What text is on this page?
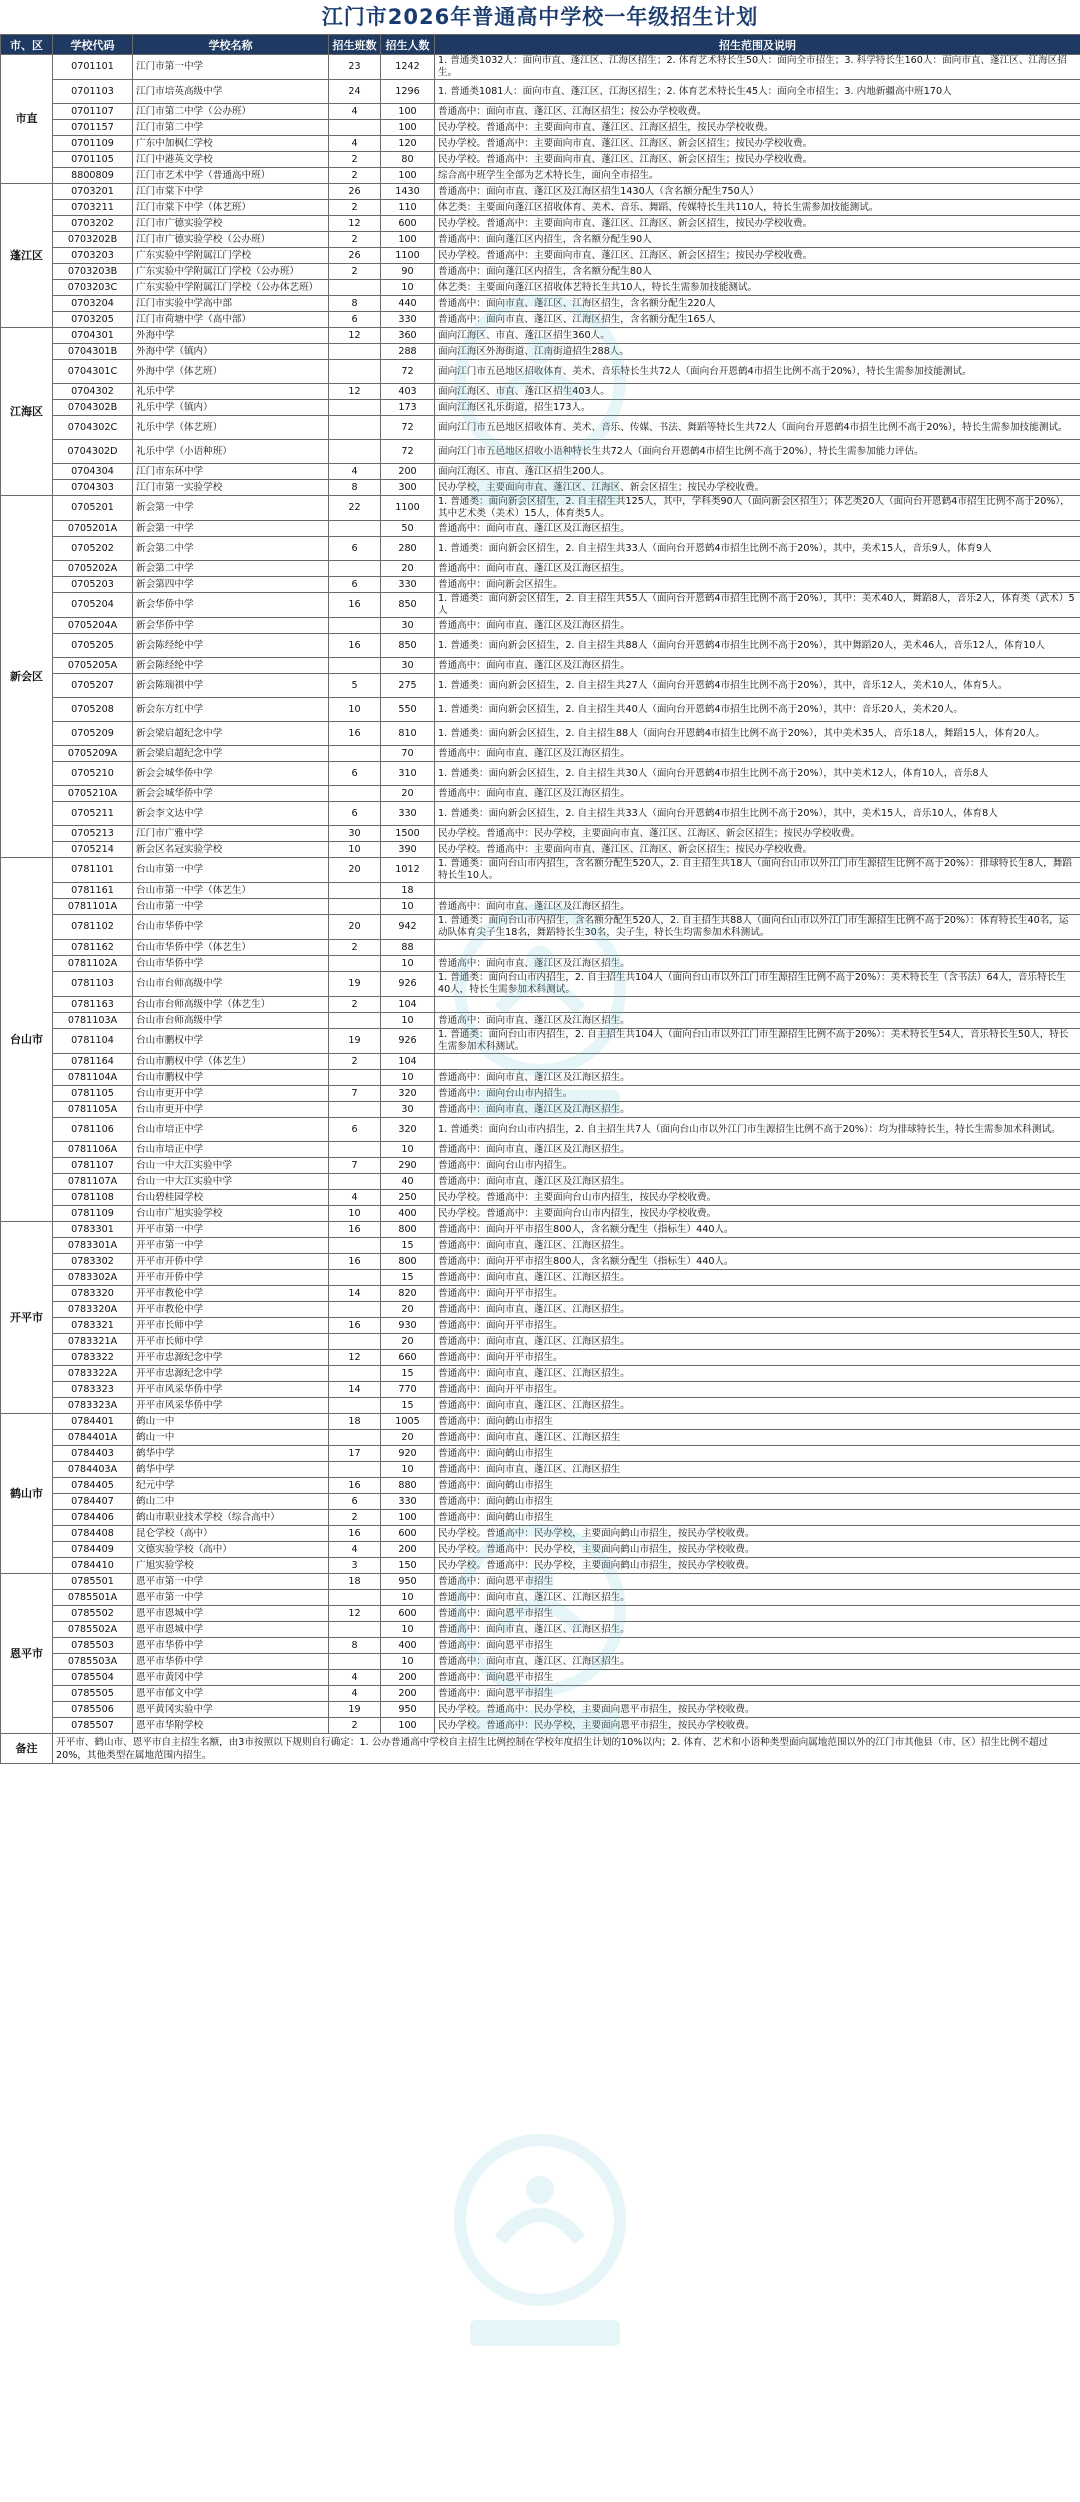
江门市2026年普通高中学校一年级招生计划
市、区	学校代码	学校名称	招生班数	招生人数	招生范围及说明
市直	0701101	江门市第一中学	23	1242	1. 普通类1032人：面向市直、蓬江区、江海区招生；2. 体育艺术特长生50人：面向全市招生；3. 科学特长生160人：面向市直、蓬江区、江海区招生。
	0701103	江门市培英高级中学	24	1296	1. 普通类1081人：面向市直、蓬江区、江海区招生；2. 体育艺术特长生45人：面向全市招生；3. 内地新疆高中班170人
	0701107	江门市第二中学（公办班）	4	100	普通高中：面向市直、蓬江区、江海区招生；按公办学校收费。
	0701157	江门市第二中学		100	民办学校。普通高中：主要面向市直、蓬江区、江海区招生，按民办学校收费。
	0701109	广东中加枫仁学校	4	120	民办学校。普通高中：主要面向市直、蓬江区、江海区、新会区招生；按民办学校收费。
	0701105	江门中港英文学校	2	80	民办学校。普通高中：主要面向市直、蓬江区、江海区、新会区招生；按民办学校收费。
	8800809	江门市艺术中学（普通高中班）	2	100	综合高中班学生全部为艺术特长生，面向全市招生。
蓬江区	0703201	江门市棠下中学	26	1430	普通高中：面向市直、蓬江区及江海区招生1430人（含名额分配生750人）
	0703211	江门市棠下中学（体艺班）	2	110	体艺类：主要面向蓬江区招收体育、美术、音乐、舞蹈、传媒特长生共110人，特长生需参加技能测试。
	0703202	江门市广德实验学校	12	600	民办学校。普通高中：主要面向市直、蓬江区、江海区、新会区招生，按民办学校收费。
	0703202B	江门市广德实验学校（公办班）	2	100	普通高中：面向蓬江区内招生，含名额分配生90人
	0703203	广东实验中学附属江门学校	26	1100	民办学校。普通高中：主要面向市直、蓬江区、江海区、新会区招生；按民办学校收费。
	0703203B	广东实验中学附属江门学校（公办班）	2	90	普通高中：面向蓬江区内招生，含名额分配生80人
	0703203C	广东实验中学附属江门学校（公办体艺班）		10	体艺类：主要面向蓬江区招收体艺特长生共10人，特长生需参加技能测试。
	0703204	江门市实验中学高中部	8	440	普通高中：面向市直、蓬江区、江海区招生，含名额分配生220人
	0703205	江门市荷塘中学（高中部）	6	330	普通高中：面向市直、蓬江区、江海区招生，含名额分配生165人
江海区	0704301	外海中学	12	360	面向江海区、市直、蓬江区招生360人。
	0704301B	外海中学（镇内）		288	面向江海区外海街道、江南街道招生288人。
	0704301C	外海中学（体艺班）		72	面向江门市五邑地区招收体育、美术、音乐特长生共72人（面向台开恩鹤4市招生比例不高于20%），特长生需参加技能测试。
	0704302	礼乐中学	12	403	面向江海区、市直、蓬江区招生403人。
	0704302B	礼乐中学（镇内）		173	面向江海区礼乐街道，招生173人。
	0704302C	礼乐中学（体艺班）		72	面向江门市五邑地区招收体育、美术、音乐、传媒、书法、舞蹈等特长生共72人（面向台开恩鹤4市招生比例不高于20%），特长生需参加技能测试。
	0704302D	礼乐中学（小语种班）		72	面向江门市五邑地区招收小语种特长生共72人（面向台开恩鹤4市招生比例不高于20%），特长生需参加能力评估。
	0704304	江门市东环中学	4	200	面向江海区、市直、蓬江区招生200人。
	0704303	江门市第一实验学校	8	300	民办学校，主要面向市直、蓬江区、江海区、新会区招生；按民办学校收费。
新会区	0705201	新会第一中学	22	1100	1. 普通类：面向新会区招生，2. 自主招生共125人，其中，学科类90人（面向新会区招生）；体艺类20人（面向台开恩鹤4市招生比例不高于20%），其中艺术类（美术）15人，体育类5人。
	0705201A	新会第一中学		50	普通高中：面向市直、蓬江区及江海区招生。
	0705202	新会第二中学	6	280	1. 普通类：面向新会区招生，2. 自主招生共33人（面向台开恩鹤4市招生比例不高于20%），其中，美术15人，音乐9人，体育9人
	0705202A	新会第二中学		20	普通高中：面向市直、蓬江区及江海区招生。
	0705203	新会第四中学	6	330	普通高中：面向新会区招生。
	0705204	新会华侨中学	16	850	1. 普通类：面向新会区招生，2. 自主招生共55人（面向台开恩鹤4市招生比例不高于20%），其中：美术40人，舞蹈8人，音乐2人，体育类（武术）5人
	0705204A	新会华侨中学		30	普通高中：面向市直、蓬江区及江海区招生。
	0705205	新会陈经纶中学	16	850	1. 普通类：面向新会区招生，2. 自主招生共88人（面向台开恩鹤4市招生比例不高于20%），其中舞蹈20人，美术46人，音乐12人，体育10人
	0705205A	新会陈经纶中学		30	普通高中：面向市直、蓬江区及江海区招生。
	0705207	新会陈瑞祺中学	5	275	1. 普通类：面向新会区招生，2. 自主招生共27人（面向台开恩鹤4市招生比例不高于20%），其中，音乐12人，美术10人，体育5人。
	0705208	新会东方红中学	10	550	1. 普通类：面向新会区招生，2. 自主招生共40人（面向台开恩鹤4市招生比例不高于20%），其中：音乐20人，美术20人。
	0705209	新会梁启超纪念中学	16	810	1. 普通类：面向新会区招生，2. 自主招生88人（面向台开恩鹤4市招生比例不高于20%），其中美术35人，音乐18人，舞蹈15人，体育20人。
	0705209A	新会梁启超纪念中学		70	普通高中：面向市直、蓬江区及江海区招生。
	0705210	新会会城华侨中学	6	310	1. 普通类：面向新会区招生，2. 自主招生共30人（面向台开恩鹤4市招生比例不高于20%），其中美术12人，体育10人，音乐8人
	0705210A	新会会城华侨中学		20	普通高中：面向市直、蓬江区及江海区招生。
	0705211	新会李文达中学	6	330	1. 普通类：面向新会区招生，2. 自主招生共33人（面向台开恩鹤4市招生比例不高于20%），其中，美术15人，音乐10人，体育8人
	0705213	江门市广雅中学	30	1500	民办学校。普通高中：民办学校，主要面向市直、蓬江区、江海区、新会区招生；按民办学校收费。
	0705214	新会区名冠实验学校	10	390	民办学校。普通高中：主要面向市直、蓬江区、江海区、新会区招生；按民办学校收费。
台山市	0781101	台山市第一中学	20	1012	1. 普通类：面向台山市内招生，含名额分配生520人，2. 自主招生共18人（面向台山市以外江门市生源招生比例不高于20%）：排球特长生8人，舞蹈特长生10人。
	0781161	台山市第一中学（体艺生）		18	
	0781101A	台山市第一中学		10	普通高中：面向市直、蓬江区及江海区招生。
	0781102	台山市华侨中学	20	942	1. 普通类：面向台山市内招生，含名额分配生520人，2. 自主招生共88人（面向台山市以外江门市生源招生比例不高于20%）：体育特长生40名，运动队体育尖子生18名，舞蹈特长生30名，尖子生，特长生均需参加术科测试。
	0781162	台山市华侨中学（体艺生）	2	88	
	0781102A	台山市华侨中学		10	普通高中：面向市直、蓬江区及江海区招生。
	0781103	台山市台师高级中学	19	926	1. 普通类：面向台山市内招生，2. 自主招生共104人（面向台山市以外江门市生源招生比例不高于20%）：美术特长生（含书法）64人，音乐特长生40人，特长生需参加术科测试。
	0781163	台山市台师高级中学（体艺生）	2	104	
	0781103A	台山市台师高级中学		10	普通高中：面向市直、蓬江区及江海区招生。
	0781104	台山市鹏权中学	19	926	1. 普通类：面向台山市内招生，2. 自主招生共104人（面向台山市以外江门市生源招生比例不高于20%）：美术特长生54人，音乐特长生50人，特长生需参加术科测试。
	0781164	台山市鹏权中学（体艺生）	2	104	
	0781104A	台山市鹏权中学		10	普通高中：面向市直、蓬江区及江海区招生。
	0781105	台山市更开中学	7	320	普通高中：面向台山市内招生。
	0781105A	台山市更开中学		30	普通高中：面向市直、蓬江区及江海区招生。
	0781106	台山市培正中学	6	320	1. 普通类：面向台山市内招生，2. 自主招生共7人（面向台山市以外江门市生源招生比例不高于20%）：均为排球特长生，特长生需参加术科测试。
	0781106A	台山市培正中学		10	普通高中：面向市直、蓬江区及江海区招生。
	0781107	台山一中大江实验中学	7	290	普通高中：面向台山市内招生。
	0781107A	台山一中大江实验中学		40	普通高中：面向市直、蓬江区及江海区招生。
	0781108	台山碧桂园学校	4	250	民办学校。普通高中：主要面向台山市内招生，按民办学校收费。
	0781109	台山市广旭实验学校	10	400	民办学校。普通高中：主要面向台山市内招生，按民办学校收费。
开平市	0783301	开平市第一中学	16	800	普通高中：面向开平市招生800人，含名额分配生（指标生）440人。
	0783301A	开平市第一中学		15	普通高中：面向市直、蓬江区、江海区招生。
	0783302	开平市开侨中学	16	800	普通高中：面向开平市招生800人，含名额分配生（指标生）440人。
	0783302A	开平市开侨中学		15	普通高中：面向市直、蓬江区、江海区招生。
	0783320	开平市教伦中学	14	820	普通高中：面向开平市招生。
	0783320A	开平市教伦中学		20	普通高中：面向市直、蓬江区、江海区招生。
	0783321	开平市长师中学	16	930	普通高中：面向开平市招生。
	0783321A	开平市长师中学		20	普通高中：面向市直、蓬江区、江海区招生。
	0783322	开平市忠源纪念中学	12	660	普通高中：面向开平市招生。
	0783322A	开平市忠源纪念中学		15	普通高中：面向市直、蓬江区、江海区招生。
	0783323	开平市风采华侨中学	14	770	普通高中：面向开平市招生。
	0783323A	开平市风采华侨中学		15	普通高中：面向市直、蓬江区、江海区招生。
鹤山市	0784401	鹤山一中	18	1005	普通高中：面向鹤山市招生
	0784401A	鹤山一中		20	普通高中：面向市直、蓬江区、江海区招生
	0784403	鹤华中学	17	920	普通高中：面向鹤山市招生
	0784403A	鹤华中学		10	普通高中：面向市直、蓬江区、江海区招生
	0784405	纪元中学	16	880	普通高中：面向鹤山市招生
	0784407	鹤山二中	6	330	普通高中：面向鹤山市招生
	0784406	鹤山市职业技术学校（综合高中）	2	100	普通高中：面向鹤山市招生
	0784408	昆仑学校（高中）	16	600	民办学校。普通高中：民办学校，主要面向鹤山市招生，按民办学校收费。
	0784409	文德实验学校（高中）	4	200	民办学校。普通高中：民办学校，主要面向鹤山市招生，按民办学校收费。
	0784410	广旭实验学校	3	150	民办学校。普通高中：民办学校，主要面向鹤山市招生，按民办学校收费。
恩平市	0785501	恩平市第一中学	18	950	普通高中：面向恩平市招生
	0785501A	恩平市第一中学		10	普通高中：面向市直、蓬江区、江海区招生。
	0785502	恩平市恩城中学	12	600	普通高中：面向恩平市招生
	0785502A	恩平市恩城中学		10	普通高中：面向市直、蓬江区、江海区招生。
	0785503	恩平市华侨中学	8	400	普通高中：面向恩平市招生
	0785503A	恩平市华侨中学		10	普通高中：面向市直、蓬江区、江海区招生。
	0785504	恩平市黄冈中学	4	200	普通高中：面向恩平市招生
	0785505	恩平市郁文中学	4	200	普通高中：面向恩平市招生
	0785506	恩平黄冈实验中学	19	950	民办学校。普通高中：民办学校，主要面向恩平市招生，按民办学校收费。
	0785507	恩平市华附学校	2	100	民办学校。普通高中：民办学校，主要面向恩平市招生，按民办学校收费。
备注	开平市、鹤山市、恩平市自主招生名额，由3市按照以下规则自行确定：1. 公办普通高中学校自主招生比例控制在学校年度招生计划的10%以内；2. 体育、艺术和小语种类型面向属地范围以外的江门市其他县（市、区）招生比例不超过20%，其他类型在属地范围内招生。				
